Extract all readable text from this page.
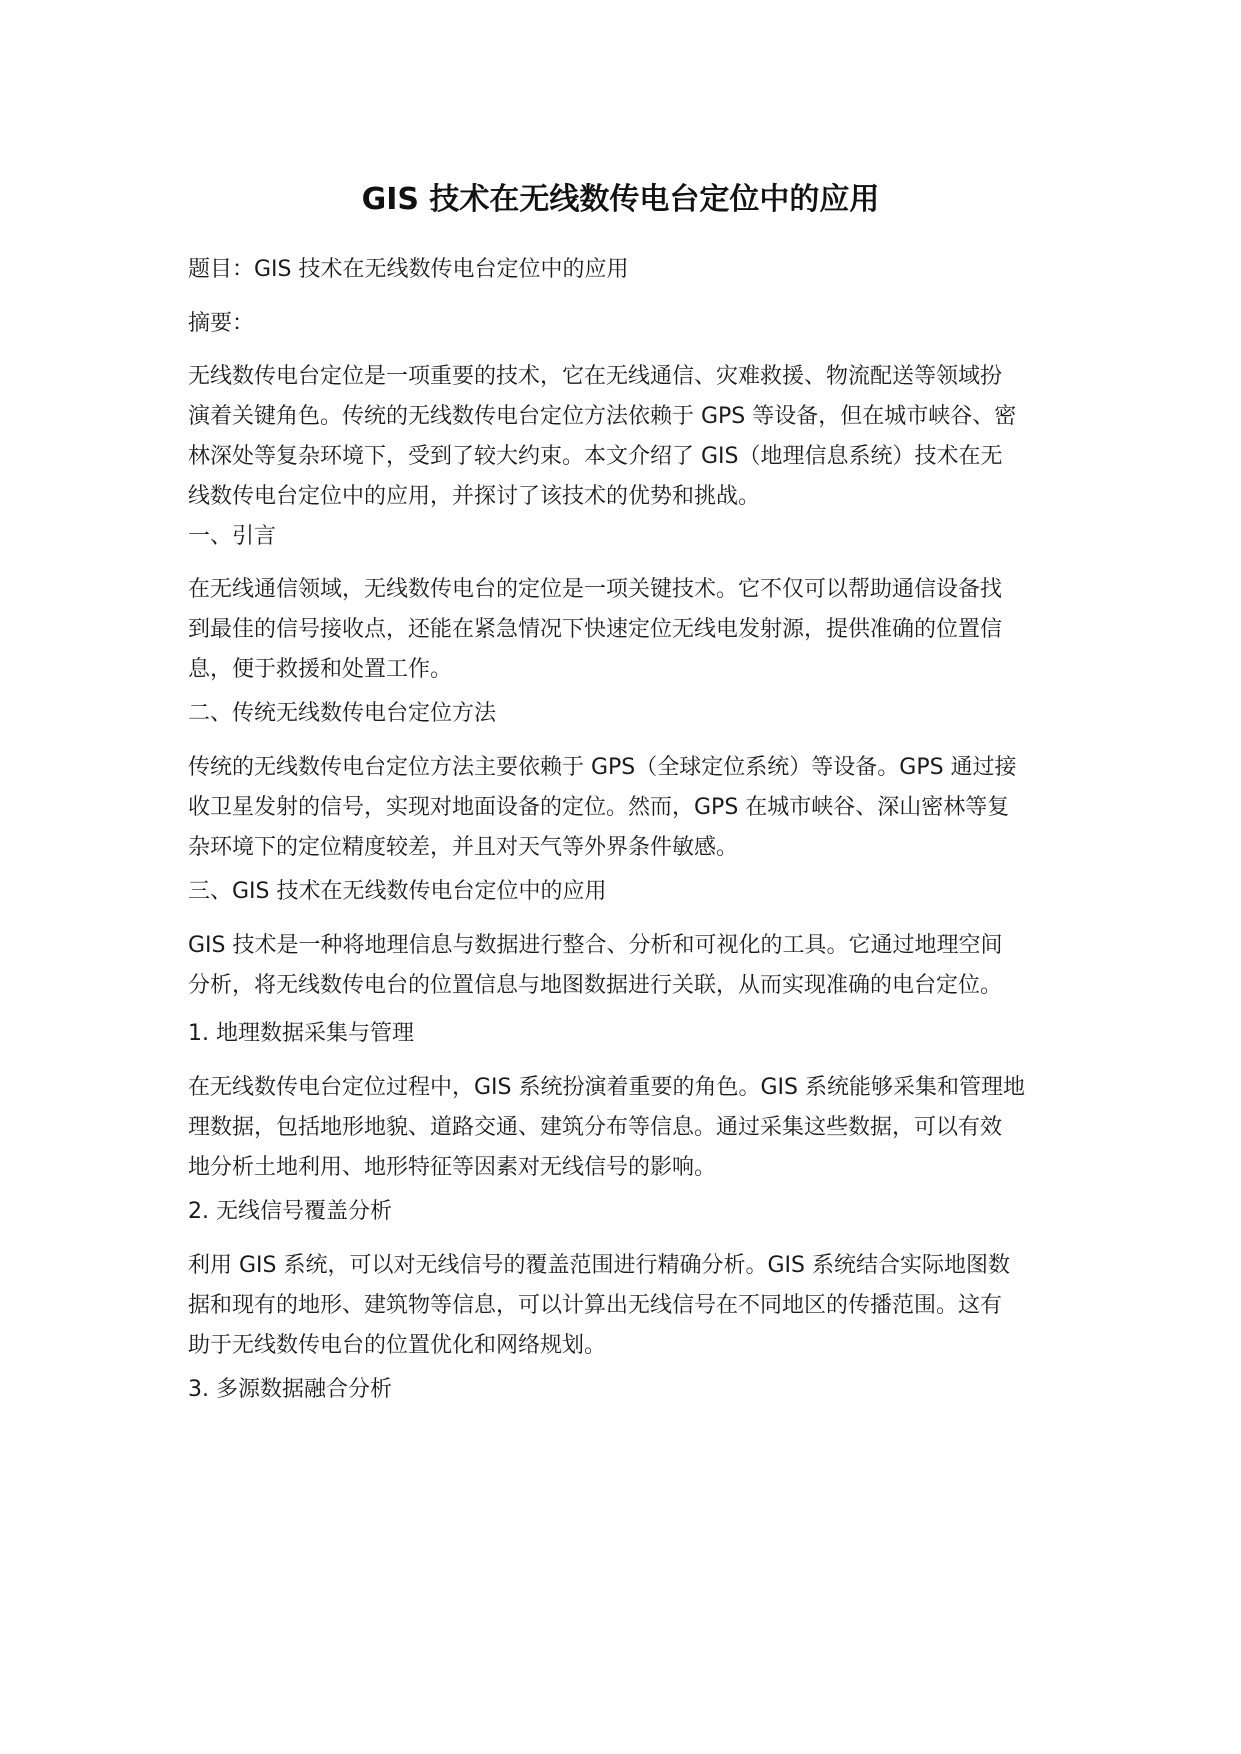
GIS 技术在无线数传电台定位中的应用

题目：GIS 技术在无线数传电台定位中的应用

摘要：

无线数传电台定位是一项重要的技术，它在无线通信、灾难救援、物流配送等领域扮
演着关键角色。传统的无线数传电台定位方法依赖于 GPS 等设备，但在城市峡谷、密
林深处等复杂环境下，受到了较大约束。本文介绍了 GIS（地理信息系统）技术在无
线数传电台定位中的应用，并探讨了该技术的优势和挑战。

一、引言

在无线通信领域，无线数传电台的定位是一项关键技术。它不仅可以帮助通信设备找
到最佳的信号接收点，还能在紧急情况下快速定位无线电发射源，提供准确的位置信
息，便于救援和处置工作。

二、传统无线数传电台定位方法

传统的无线数传电台定位方法主要依赖于 GPS（全球定位系统）等设备。GPS 通过接
收卫星发射的信号，实现对地面设备的定位。然而，GPS 在城市峡谷、深山密林等复
杂环境下的定位精度较差，并且对天气等外界条件敏感。

三、GIS 技术在无线数传电台定位中的应用

GIS 技术是一种将地理信息与数据进行整合、分析和可视化的工具。它通过地理空间
分析，将无线数传电台的位置信息与地图数据进行关联，从而实现准确的电台定位。

1. 地理数据采集与管理

在无线数传电台定位过程中，GIS 系统扮演着重要的角色。GIS 系统能够采集和管理地
理数据，包括地形地貌、道路交通、建筑分布等信息。通过采集这些数据，可以有效
地分析土地利用、地形特征等因素对无线信号的影响。

2. 无线信号覆盖分析

利用 GIS 系统，可以对无线信号的覆盖范围进行精确分析。GIS 系统结合实际地图数
据和现有的地形、建筑物等信息，可以计算出无线信号在不同地区的传播范围。这有
助于无线数传电台的位置优化和网络规划。

3. 多源数据融合分析
